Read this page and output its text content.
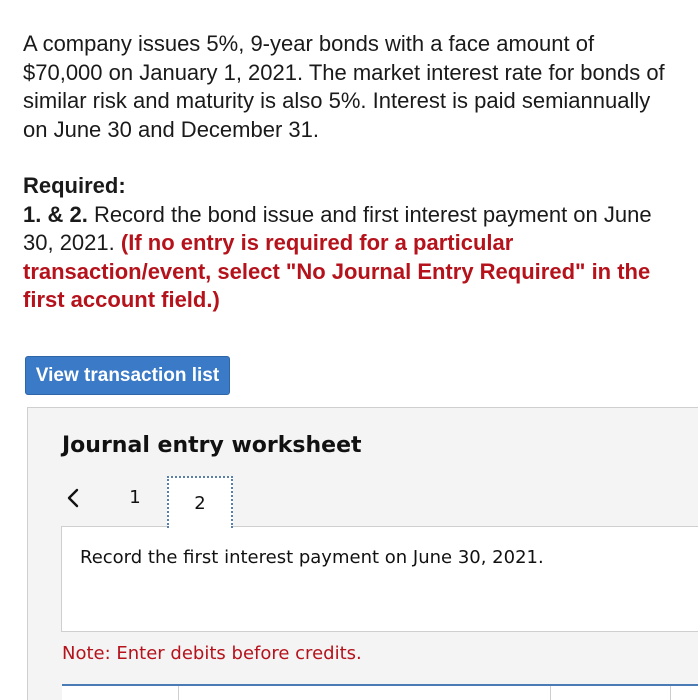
A company issues 5%, 9-year bonds with a face amount of $70,000 on January 1, 2021. The market interest rate for bonds of similar risk and maturity is also 5%. Interest is paid semiannually on June 30 and December 31.

Required:

1. & 2. Record the bond issue and first interest payment on June 30, 2021. (If no entry is required for a particular transaction/event, select "No Journal Entry Required" in the first account field.)

View transaction list
Journal entry worksheet
1	2
Record the first interest payment on June 30, 2021.
Note: Enter debits before credits.
